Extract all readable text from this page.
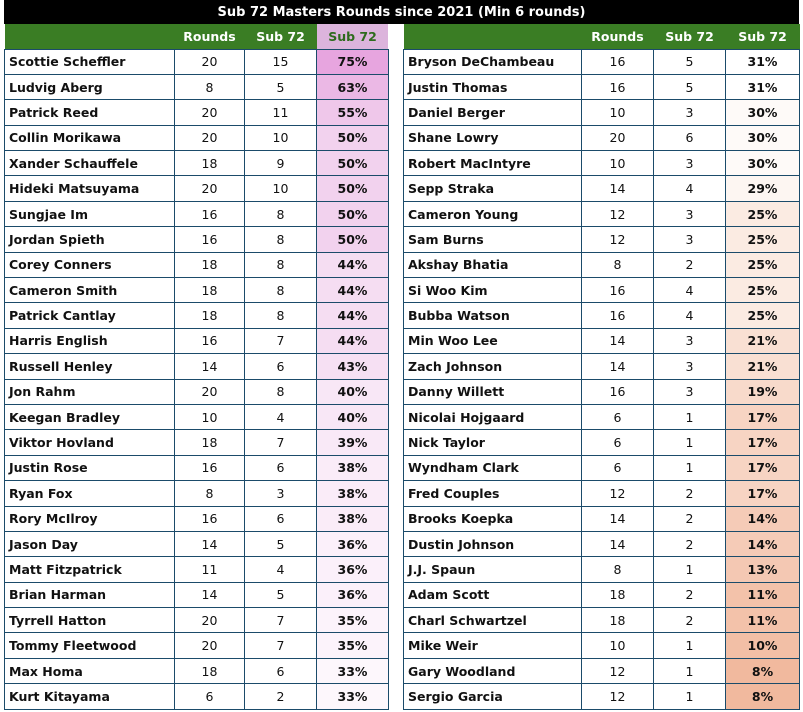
Sub 72 Masters Rounds since 2021 (Min 6 rounds)
	Rounds	Sub 72	Sub 72
Scottie Scheffler	20	15	75%
Ludvig Aberg	8	5	63%
Patrick Reed	20	11	55%
Collin Morikawa	20	10	50%
Xander Schauffele	18	9	50%
Hideki Matsuyama	20	10	50%
Sungjae Im	16	8	50%
Jordan Spieth	16	8	50%
Corey Conners	18	8	44%
Cameron Smith	18	8	44%
Patrick Cantlay	18	8	44%
Harris English	16	7	44%
Russell Henley	14	6	43%
Jon Rahm	20	8	40%
Keegan Bradley	10	4	40%
Viktor Hovland	18	7	39%
Justin Rose	16	6	38%
Ryan Fox	8	3	38%
Rory McIlroy	16	6	38%
Jason Day	14	5	36%
Matt Fitzpatrick	11	4	36%
Brian Harman	14	5	36%
Tyrrell Hatton	20	7	35%
Tommy Fleetwood	20	7	35%
Max Homa	18	6	33%
Kurt Kitayama	6	2	33%
	Rounds	Sub 72	Sub 72
Bryson DeChambeau	16	5	31%
Justin Thomas	16	5	31%
Daniel Berger	10	3	30%
Shane Lowry	20	6	30%
Robert MacIntyre	10	3	30%
Sepp Straka	14	4	29%
Cameron Young	12	3	25%
Sam Burns	12	3	25%
Akshay Bhatia	8	2	25%
Si Woo Kim	16	4	25%
Bubba Watson	16	4	25%
Min Woo Lee	14	3	21%
Zach Johnson	14	3	21%
Danny Willett	16	3	19%
Nicolai Hojgaard	6	1	17%
Nick Taylor	6	1	17%
Wyndham Clark	6	1	17%
Fred Couples	12	2	17%
Brooks Koepka	14	2	14%
Dustin Johnson	14	2	14%
J.J. Spaun	8	1	13%
Adam Scott	18	2	11%
Charl Schwartzel	18	2	11%
Mike Weir	10	1	10%
Gary Woodland	12	1	8%
Sergio Garcia	12	1	8%
